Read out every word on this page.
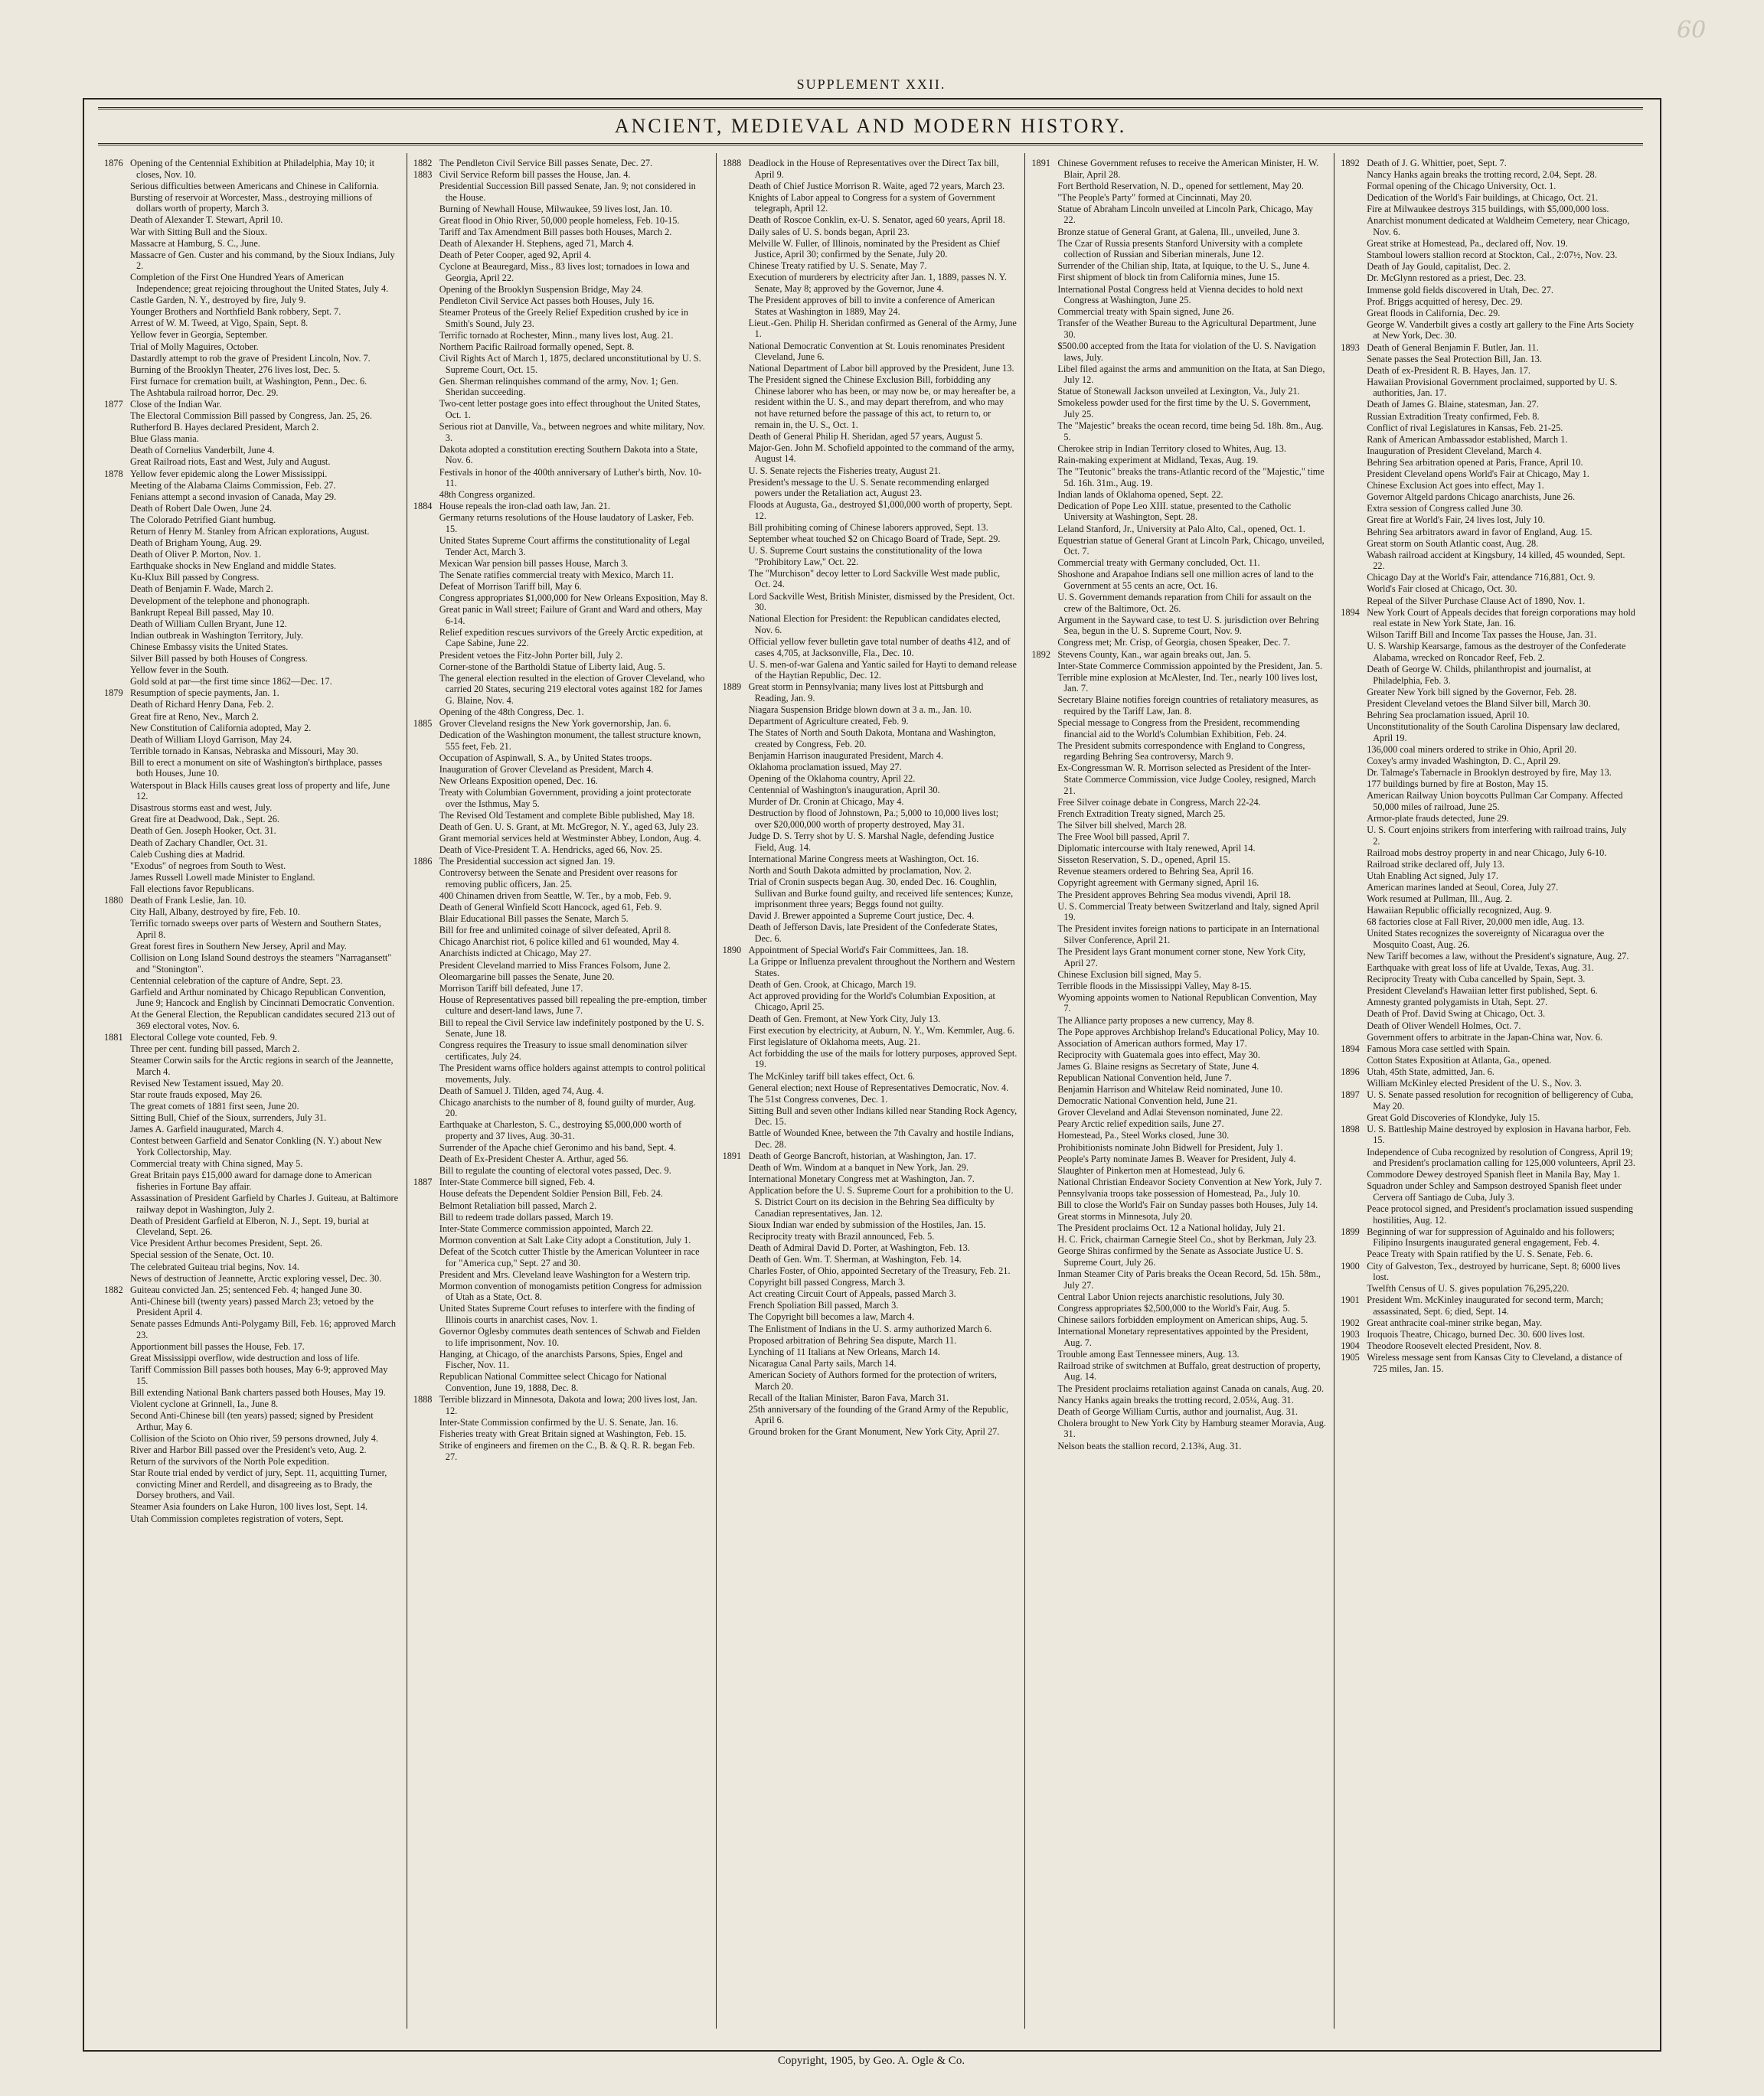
60
SUPPLEMENT XXII.
ANCIENT, MEDIEVAL AND MODERN HISTORY.
1876 Opening of the Centennial Exhibition at Philadelphia, May 10; it closes, Nov. 10.
Serious difficulties between Americans and Chinese in California.
Bursting of reservoir at Worcester, Mass., destroying millions of dollars worth of property, March 3.
Death of Alexander T. Stewart, April 10.
War with Sitting Bull and the Sioux.
Massacre at Hamburg, S. C., June.
Massacre of Gen. Custer and his command, by the Sioux Indians, July 2.
Completion of the First One Hundred Years of American Independence; great rejoicing throughout the United States, July 4.
Castle Garden, N. Y., destroyed by fire, July 9.
Younger Brothers and Northfield Bank robbery, Sept. 7.
Arrest of W. M. Tweed, at Vigo, Spain, Sept. 8.
Yellow fever in Georgia, September.
Trial of Molly Maguires, October.
Dastardly attempt to rob the grave of President Lincoln, Nov. 7.
Burning of the Brooklyn Theater, 276 lives lost, Dec. 5.
First furnace for cremation built, at Washington, Penn., Dec. 6.
The Ashtabula railroad horror, Dec. 29.
1877 Close of the Indian War.
The Electoral Commission Bill passed by Congress, Jan. 25, 26.
Rutherford B. Hayes declared President, March 2.
Blue Glass mania.
Death of Cornelius Vanderbilt, June 4.
Great Railroad riots, East and West, July and August.
1878 Yellow fever epidemic along the Lower Mississippi.
Meeting of the Alabama Claims Commission, Feb. 27.
Fenians attempt a second invasion of Canada, May 29.
Death of Robert Dale Owen, June 24.
The Colorado Petrified Giant humbug.
Return of Henry M. Stanley from African explorations, August.
Death of Brigham Young, Aug. 29.
Death of Oliver P. Morton, Nov. 1.
Earthquake shocks in New England and middle States.
Ku-Klux Bill passed by Congress.
Death of Benjamin F. Wade, March 2.
Development of the telephone and phonograph.
Bankrupt Repeal Bill passed, May 10.
Death of William Cullen Bryant, June 12.
Indian outbreak in Washington Territory, July.
Chinese Embassy visits the United States.
Silver Bill passed by both Houses of Congress.
Yellow fever in the South.
Gold sold at par—the first time since 1862—Dec. 17.
1879 Resumption of specie payments, Jan. 1.
Death of Richard Henry Dana, Feb. 2.
Great fire at Reno, Nev., March 2.
New Constitution of California adopted, May 2.
Death of William Lloyd Garrison, May 24.
Terrible tornado in Kansas, Nebraska and Missouri, May 30.
Bill to erect a monument on site of Washington's birthplace, passes both Houses, June 10.
Waterspout in Black Hills causes great loss of property and life, June 12.
Disastrous storms east and west, July.
Great fire at Deadwood, Dak., Sept. 26.
Death of Gen. Joseph Hooker, Oct. 31.
Death of Zachary Chandler, Oct. 31.
Caleb Cushing dies at Madrid.
"Exodus" of negroes from South to West.
James Russell Lowell made Minister to England.
Fall elections favor Republicans.
1880 Death of Frank Leslie, Jan. 10.
City Hall, Albany, destroyed by fire, Feb. 10.
Terrific tornado sweeps over parts of Western and Southern States, April 8.
Great forest fires in Southern New Jersey, April and May.
Collision on Long Island Sound destroys the steamers "Narragansett" and "Stonington".
Centennial celebration of the capture of Andre, Sept. 23.
Garfield and Arthur nominated by Chicago Republican Convention, June 9; Hancock and English by Cincinnati Democratic Convention.
At the General Election, the Republican candidates secured 213 out of 369 electoral votes, Nov. 6.
1881 Electoral College vote counted, Feb. 9.
Three per cent. funding bill passed, March 2.
Steamer Corwin sails for the Arctic regions in search of the Jeannette, March 4.
Revised New Testament issued, May 20.
Star route frauds exposed, May 26.
The great comets of 1881 first seen, June 20.
Sitting Bull, Chief of the Sioux, surrenders, July 31.
James A. Garfield inaugurated, March 4.
Contest between Garfield and Senator Conkling (N. Y.) about New York Collectorship, May.
Commercial treaty with China signed, May 5.
Great Britain pays £15,000 award for damage done to American fisheries in Fortune Bay affair.
Assassination of President Garfield by Charles J. Guiteau, at Baltimore railway depot in Washington, July 2.
Death of President Garfield at Elberon, N. J., Sept. 19, burial at Cleveland, Sept. 26.
Vice President Arthur becomes President, Sept. 26.
Special session of the Senate, Oct. 10.
The celebrated Guiteau trial begins, Nov. 14.
News of destruction of Jeannette, Arctic exploring vessel, Dec. 30.
1882 Guiteau convicted Jan. 25; sentenced Feb. 4; hanged June 30.
Anti-Chinese bill (twenty years) passed March 23; vetoed by the President April 4.
Senate passes Edmunds Anti-Polygamy Bill, Feb. 16; approved March 23.
Apportionment bill passes the House, Feb. 17.
Great Mississippi overflow, wide destruction and loss of life.
Tariff Commission Bill passes both houses, May 6-9; approved May 15.
Bill extending National Bank charters passed both Houses, May 19.
Violent cyclone at Grinnell, Ia., June 8.
Second Anti-Chinese bill (ten years) passed; signed by President Arthur, May 6.
Collision of the Scioto on Ohio river, 59 persons drowned, July 4.
River and Harbor Bill passed over the President's veto, Aug. 2.
Return of the survivors of the North Pole expedition.
Star Route trial ended by verdict of jury, Sept. 11, acquitting Turner, convicting Miner and Rerdell, and disagreeing as to Brady, the Dorsey brothers, and Vail.
Steamer Asia founders on Lake Huron, 100 lives lost, Sept. 14.
Utah Commission completes registration of voters, Sept.
1882 The Pendleton Civil Service Bill passes Senate, Dec. 27.
1883 Civil Service Reform bill passes the House, Jan. 4.
Presidential Succession Bill passed Senate, Jan. 9; not considered in the House.
Burning of Newhall House, Milwaukee, 59 lives lost, Jan. 10.
Great flood in Ohio River, 50,000 people homeless, Feb. 10-15.
Tariff and Tax Amendment Bill passes both Houses, March 2.
Death of Alexander H. Stephens, aged 71, March 4.
Death of Peter Cooper, aged 92, April 4.
Cyclone at Beauregard, Miss., 83 lives lost; tornadoes in Iowa and Georgia, April 22.
Opening of the Brooklyn Suspension Bridge, May 24.
Pendleton Civil Service Act passes both Houses, July 16.
Steamer Proteus of the Greely Relief Expedition crushed by ice in Smith's Sound, July 23.
Terrific tornado at Rochester, Minn., many lives lost, Aug. 21.
Northern Pacific Railroad formally opened, Sept. 8.
Civil Rights Act of March 1, 1875, declared unconstitutional by U. S. Supreme Court, Oct. 15.
Gen. Sherman relinquishes command of the army, Nov. 1; Gen. Sheridan succeeding.
Two-cent letter postage goes into effect throughout the United States, Oct. 1.
Serious riot at Danville, Va., between negroes and white military, Nov. 3.
Dakota adopted a constitution erecting Southern Dakota into a State, Nov. 6.
Festivals in honor of the 400th anniversary of Luther's birth, Nov. 10-11.
48th Congress organized.
1884 House repeals the iron-clad oath law, Jan. 21.
Germany returns resolutions of the House laudatory of Lasker, Feb. 15.
United States Supreme Court affirms the constitutionality of Legal Tender Act, March 3.
Mexican War pension bill passes House, March 3.
The Senate ratifies commercial treaty with Mexico, March 11.
Defeat of Morrison Tariff bill, May 6.
Congress appropriates $1,000,000 for New Orleans Exposition, May 8.
Great panic in Wall street; Failure of Grant and Ward and others, May 6-14.
Relief expedition rescues survivors of the Greely Arctic expedition, at Cape Sabine, June 22.
President vetoes the Fitz-John Porter bill, July 2.
Corner-stone of the Bartholdi Statue of Liberty laid, Aug. 5.
The general election resulted in the election of Grover Cleveland, who carried 20 States, securing 219 electoral votes against 182 for James G. Blaine, Nov. 4.
Opening of the 48th Congress, Dec. 1.
1885 Grover Cleveland resigns the New York governorship, Jan. 6.
Dedication of the Washington monument, the tallest structure known, 555 feet, Feb. 21.
Occupation of Aspinwall, S. A., by United States troops.
Inauguration of Grover Cleveland as President, March 4.
New Orleans Exposition opened, Dec. 16.
Treaty with Columbian Government, providing a joint protectorate over the Isthmus, May 5.
The Revised Old Testament and complete Bible published, May 18.
Death of Gen. U. S. Grant, at Mt. McGregor, N. Y., aged 63, July 23.
Grant memorial services held at Westminster Abbey, London, Aug. 4.
Death of Vice-President T. A. Hendricks, aged 66, Nov. 25.
1886 The Presidential succession act signed Jan. 19.
Controversy between the Senate and President over reasons for removing public officers, Jan. 25.
400 Chinamen driven from Seattle, W. Ter., by a mob, Feb. 9.
Death of General Winfield Scott Hancock, aged 61, Feb. 9.
Blair Educational Bill passes the Senate, March 5.
Bill for free and unlimited coinage of silver defeated, April 8.
Chicago Anarchist riot, 6 police killed and 61 wounded, May 4.
Anarchists indicted at Chicago, May 27.
President Cleveland married to Miss Frances Folsom, June 2.
Oleomargarine bill passes the Senate, June 20.
Morrison Tariff bill defeated, June 17.
House of Representatives passed bill repealing the pre-emption, timber culture and desert-land laws, June 7.
Bill to repeal the Civil Service law indefinitely postponed by the U. S. Senate, June 18.
Congress requires the Treasury to issue small denomination silver certificates, July 24.
The President warns office holders against attempts to control political movements, July.
Death of Samuel J. Tilden, aged 74, Aug. 4.
Chicago anarchists to the number of 8, found guilty of murder, Aug. 20.
Earthquake at Charleston, S. C., destroying $5,000,000 worth of property and 37 lives, Aug. 30-31.
Surrender of the Apache chief Geronimo and his band, Sept. 4.
Death of Ex-President Chester A. Arthur, aged 56.
Bill to regulate the counting of electoral votes passed, Dec. 9.
1887 Inter-State Commerce bill signed, Feb. 4.
House defeats the Dependent Soldier Pension Bill, Feb. 24.
Belmont Retaliation bill passed, March 2.
Bill to redeem trade dollars passed, March 19.
Inter-State Commerce commission appointed, March 22.
Mormon convention at Salt Lake City adopt a Constitution, July 1.
Defeat of the Scotch cutter Thistle by the American Volunteer in race for "America cup," Sept. 27 and 30.
President and Mrs. Cleveland leave Washington for a Western trip.
Mormon convention of monogamists petition Congress for admission of Utah as a State, Oct. 8.
United States Supreme Court refuses to interfere with the finding of Illinois courts in anarchist cases, Nov. 1.
Governor Oglesby commutes death sentences of Schwab and Fielden to life imprisonment, Nov. 10.
Hanging, at Chicago, of the anarchists Parsons, Spies, Engel and Fischer, Nov. 11.
Republican National Committee select Chicago for National Convention, June 19, 1888, Dec. 8.
1888 Terrible blizzard in Minnesota, Dakota and Iowa; 200 lives lost, Jan. 12.
Inter-State Commission confirmed by the U. S. Senate, Jan. 16.
Fisheries treaty with Great Britain signed at Washington, Feb. 15.
Strike of engineers and firemen on the C., B. & Q. R. R. began Feb. 27.
1888 Deadlock in the House of Representatives over the Direct Tax bill, April 9.
Death of Chief Justice Morrison R. Waite, aged 72 years, March 23.
Knights of Labor appeal to Congress for a system of Government telegraph, April 12.
Death of Roscoe Conklin, ex-U. S. Senator, aged 60 years, April 18.
Daily sales of U. S. bonds began, April 23.
Melville W. Fuller, of Illinois, nominated by the President as Chief Justice, April 30; confirmed by the Senate, July 20.
Chinese Treaty ratified by U. S. Senate, May 7.
Execution of murderers by electricity after Jan. 1, 1889, passes N. Y. Senate, May 8; approved by the Governor, June 4.
The President approves of bill to invite a conference of American States at Washington in 1889, May 24.
Lieut.-Gen. Philip H. Sheridan confirmed as General of the Army, June 1.
National Democratic Convention at St. Louis renominates President Cleveland, June 6.
National Department of Labor bill approved by the President, June 13.
The President signed the Chinese Exclusion Bill, forbidding any Chinese laborer who has been, or may now be, or may hereafter be, a resident within the U. S., and may depart therefrom, and who may not have returned before the passage of this act, to return to, or remain in, the U. S., Oct. 1.
Death of General Philip H. Sheridan, aged 57 years, August 5.
Major-Gen. John M. Schofield appointed to the command of the army, August 14.
U. S. Senate rejects the Fisheries treaty, August 21.
President's message to the U. S. Senate recommending enlarged powers under the Retaliation act, August 23.
Floods at Augusta, Ga., destroyed $1,000,000 worth of property, Sept. 12.
Bill prohibiting coming of Chinese laborers approved, Sept. 13.
September wheat touched $2 on Chicago Board of Trade, Sept. 29.
U. S. Supreme Court sustains the constitutionality of the Iowa "Prohibitory Law," Oct. 22.
The "Murchison" decoy letter to Lord Sackville West made public, Oct. 24.
Lord Sackville West, British Minister, dismissed by the President, Oct. 30.
National Election for President: the Republican candidates elected, Nov. 6.
Official yellow fever bulletin gave total number of deaths 412, and of cases 4,705, at Jacksonville, Fla., Dec. 10.
U. S. men-of-war Galena and Yantic sailed for Hayti to demand release of the Haytian Republic, Dec. 12.
1889 Great storm in Pennsylvania; many lives lost at Pittsburgh and Reading, Jan. 9.
Niagara Suspension Bridge blown down at 3 a. m., Jan. 10.
Department of Agriculture created, Feb. 9.
The States of North and South Dakota, Montana and Washington, created by Congress, Feb. 20.
Benjamin Harrison inaugurated President, March 4.
Oklahoma proclamation issued, May 27.
Opening of the Oklahoma country, April 22.
Centennial of Washington's inauguration, April 30.
Murder of Dr. Cronin at Chicago, May 4.
Destruction by flood of Johnstown, Pa.; 5,000 to 10,000 lives lost; over $20,000,000 worth of property destroyed, May 31.
Judge D. S. Terry shot by U. S. Marshal Nagle, defending Justice Field, Aug. 14.
International Marine Congress meets at Washington, Oct. 16.
North and South Dakota admitted by proclamation, Nov. 2.
Trial of Cronin suspects began Aug. 30, ended Dec. 16. Coughlin, Sullivan and Burke found guilty, and received life sentences; Kunze, imprisonment three years; Beggs found not guilty.
David J. Brewer appointed a Supreme Court justice, Dec. 4.
Death of Jefferson Davis, late President of the Confederate States, Dec. 6.
1890 Appointment of Special World's Fair Committees, Jan. 18.
La Grippe or Influenza prevalent throughout the Northern and Western States.
Death of Gen. Crook, at Chicago, March 19.
Act approved providing for the World's Columbian Exposition, at Chicago, April 25.
Death of Gen. Fremont, at New York City, July 13.
First execution by electricity, at Auburn, N. Y., Wm. Kemmler, Aug. 6.
First legislature of Oklahoma meets, Aug. 21.
Act forbidding the use of the mails for lottery purposes, approved Sept. 19.
The McKinley tariff bill takes effect, Oct. 6.
General election; next House of Representatives Democratic, Nov. 4.
The 51st Congress convenes, Dec. 1.
Sitting Bull and seven other Indians killed near Standing Rock Agency, Dec. 15.
Battle of Wounded Knee, between the 7th Cavalry and hostile Indians, Dec. 28.
1891 Death of George Bancroft, historian, at Washington, Jan. 17.
Death of Wm. Windom at a banquet in New York, Jan. 29.
International Monetary Congress met at Washington, Jan. 7.
Application before the U. S. Supreme Court for a prohibition to the U. S. District Court on its decision in the Behring Sea difficulty by Canadian representatives, Jan. 12.
Sioux Indian war ended by submission of the Hostiles, Jan. 15.
Reciprocity treaty with Brazil announced, Feb. 5.
Death of Admiral David D. Porter, at Washington, Feb. 13.
Death of Gen. Wm. T. Sherman, at Washington, Feb. 14.
Charles Foster, of Ohio, appointed Secretary of the Treasury, Feb. 21.
Copyright bill passed Congress, March 3.
Act creating Circuit Court of Appeals, passed March 3.
French Spoliation Bill passed, March 3.
The Copyright bill becomes a law, March 4.
The Enlistment of Indians in the U. S. army authorized March 6.
Proposed arbitration of Behring Sea dispute, March 11.
Lynching of 11 Italians at New Orleans, March 14.
Nicaragua Canal Party sails, March 14.
American Society of Authors formed for the protection of writers, March 20.
Recall of the Italian Minister, Baron Fava, March 31.
25th anniversary of the founding of the Grand Army of the Republic, April 6.
Ground broken for the Grant Monument, New York City, April 27.
1891 Chinese Government refuses to receive the American Minister, H. W. Blair, April 28.
Fort Berthold Reservation, N. D., opened for settlement, May 20.
"The People's Party" formed at Cincinnati, May 20.
Statue of Abraham Lincoln unveiled at Lincoln Park, Chicago, May 22.
Bronze statue of General Grant, at Galena, Ill., unveiled, June 3.
The Czar of Russia presents Stanford University with a complete collection of Russian and Siberian minerals, June 12.
Surrender of the Chilian ship, Itata, at Iquique, to the U. S., June 4.
First shipment of block tin from California mines, June 15.
International Postal Congress held at Vienna decides to hold next Congress at Washington, June 25.
Commercial treaty with Spain signed, June 26.
Transfer of the Weather Bureau to the Agricultural Department, June 30.
$500.00 accepted from the Itata for violation of the U. S. Navigation laws, July.
Libel filed against the arms and ammunition on the Itata, at San Diego, July 12.
Statue of Stonewall Jackson unveiled at Lexington, Va., July 21.
Smokeless powder used for the first time by the U. S. Government, July 25.
The "Majestic" breaks the ocean record, time being 5d. 18h. 8m., Aug. 5.
Cherokee strip in Indian Territory closed to Whites, Aug. 13.
Rain-making experiment at Midland, Texas, Aug. 19.
The "Teutonic" breaks the trans-Atlantic record of the "Majestic," time 5d. 16h. 31m., Aug. 19.
Indian lands of Oklahoma opened, Sept. 22.
Dedication of Pope Leo XIII. statue, presented to the Catholic University at Washington, Sept. 28.
Leland Stanford, Jr., University at Palo Alto, Cal., opened, Oct. 1.
Equestrian statue of General Grant at Lincoln Park, Chicago, unveiled, Oct. 7.
Commercial treaty with Germany concluded, Oct. 11.
Shoshone and Arapahoe Indians sell one million acres of land to the Government at 55 cents an acre, Oct. 16.
U. S. Government demands reparation from Chili for assault on the crew of the Baltimore, Oct. 26.
Argument in the Sayward case, to test U. S. jurisdiction over Behring Sea, begun in the U. S. Supreme Court, Nov. 9.
Congress met; Mr. Crisp, of Georgia, chosen Speaker, Dec. 7.
1892 Stevens County, Kan., war again breaks out, Jan. 5.
Inter-State Commerce Commission appointed by the President, Jan. 5.
Terrible mine explosion at McAlester, Ind. Ter., nearly 100 lives lost, Jan. 7.
Secretary Blaine notifies foreign countries of retaliatory measures, as required by the Tariff Law, Jan. 8.
Special message to Congress from the President, recommending financial aid to the World's Columbian Exhibition, Feb. 24.
The President submits correspondence with England to Congress, regarding Behring Sea controversy, March 9.
Ex-Congressman W. R. Morrison selected as President of the Inter-State Commerce Commission, vice Judge Cooley, resigned, March 21.
Free Silver coinage debate in Congress, March 22-24.
French Extradition Treaty signed, March 25.
The Silver bill shelved, March 28.
The Free Wool bill passed, April 7.
Diplomatic intercourse with Italy renewed, April 14.
Sisseton Reservation, S. D., opened, April 15.
Revenue steamers ordered to Behring Sea, April 16.
Copyright agreement with Germany signed, April 16.
The President approves Behring Sea modus vivendi, April 18.
U. S. Commercial Treaty between Switzerland and Italy, signed April 19.
The President invites foreign nations to participate in an International Silver Conference, April 21.
The President lays Grant monument corner stone, New York City, April 27.
Chinese Exclusion bill signed, May 5.
Terrible floods in the Mississippi Valley, May 8-15.
Wyoming appoints women to National Republican Convention, May 7.
The Alliance party proposes a new currency, May 8.
The Pope approves Archbishop Ireland's Educational Policy, May 10.
Association of American authors formed, May 17.
Reciprocity with Guatemala goes into effect, May 30.
James G. Blaine resigns as Secretary of State, June 4.
Republican National Convention held, June 7.
Benjamin Harrison and Whitelaw Reid nominated, June 10.
Democratic National Convention held, June 21.
Grover Cleveland and Adlai Stevenson nominated, June 22.
Peary Arctic relief expedition sails, June 27.
Homestead, Pa., Steel Works closed, June 30.
Prohibitionists nominate John Bidwell for President, July 1.
People's Party nominate James B. Weaver for President, July 4.
Slaughter of Pinkerton men at Homestead, July 6.
National Christian Endeavor Society Convention at New York, July 7.
Pennsylvania troops take possession of Homestead, Pa., July 10.
Bill to close the World's Fair on Sunday passes both Houses, July 14.
Great storms in Minnesota, July 20.
The President proclaims Oct. 12 a National holiday, July 21.
H. C. Frick, chairman Carnegie Steel Co., shot by Berkman, July 23.
George Shiras confirmed by the Senate as Associate Justice U. S. Supreme Court, July 26.
Inman Steamer City of Paris breaks the Ocean Record, 5d. 15h. 58m., July 27.
Central Labor Union rejects anarchistic resolutions, July 30.
Congress appropriates $2,500,000 to the World's Fair, Aug. 5.
Chinese sailors forbidden employment on American ships, Aug. 5.
International Monetary representatives appointed by the President, Aug. 7.
Trouble among East Tennessee miners, Aug. 13.
Railroad strike of switchmen at Buffalo, great destruction of property, Aug. 14.
The President proclaims retaliation against Canada on canals, Aug. 20.
Nancy Hanks again breaks the trotting record, 2.05¼, Aug. 31.
Death of George William Curtis, author and journalist, Aug. 31.
Cholera brought to New York City by Hamburg steamer Moravia, Aug. 31.
Nelson beats the stallion record, 2.13¾, Aug. 31.
1892 Death of J. G. Whittier, poet, Sept. 7.
Nancy Hanks again breaks the trotting record, 2.04, Sept. 28.
Formal opening of the Chicago University, Oct. 1.
Dedication of the World's Fair buildings, at Chicago, Oct. 21.
Fire at Milwaukee destroys 315 buildings, with $5,000,000 loss.
Anarchist monument dedicated at Waldheim Cemetery, near Chicago, Nov. 6.
Great strike at Homestead, Pa., declared off, Nov. 19.
Stamboul lowers stallion record at Stockton, Cal., 2:07½, Nov. 23.
Death of Jay Gould, capitalist, Dec. 2.
Dr. McGlynn restored as a priest, Dec. 23.
Immense gold fields discovered in Utah, Dec. 27.
Prof. Briggs acquitted of heresy, Dec. 29.
Great floods in California, Dec. 29.
George W. Vanderbilt gives a costly art gallery to the Fine Arts Society at New York, Dec. 30.
1893 Death of General Benjamin F. Butler, Jan. 11.
Senate passes the Seal Protection Bill, Jan. 13.
Death of ex-President R. B. Hayes, Jan. 17.
Hawaiian Provisional Government proclaimed, supported by U. S. authorities, Jan. 17.
Death of James G. Blaine, statesman, Jan. 27.
Russian Extradition Treaty confirmed, Feb. 8.
Conflict of rival Legislatures in Kansas, Feb. 21-25.
Rank of American Ambassador established, March 1.
Inauguration of President Cleveland, March 4.
Behring Sea arbitration opened at Paris, France, April 10.
President Cleveland opens World's Fair at Chicago, May 1.
Chinese Exclusion Act goes into effect, May 1.
Governor Altgeld pardons Chicago anarchists, June 26.
Extra session of Congress called June 30.
Great fire at World's Fair, 24 lives lost, July 10.
Behring Sea arbitrators award in favor of England, Aug. 15.
Great storm on South Atlantic coast, Aug. 28.
Wabash railroad accident at Kingsbury, 14 killed, 45 wounded, Sept. 22.
Chicago Day at the World's Fair, attendance 716,881, Oct. 9.
World's Fair closed at Chicago, Oct. 30.
Repeal of the Silver Purchase Clause Act of 1890, Nov. 1.
1894 New York Court of Appeals decides that foreign corporations may hold real estate in New York State, Jan. 16.
Wilson Tariff Bill and Income Tax passes the House, Jan. 31.
U. S. Warship Kearsarge, famous as the destroyer of the Confederate Alabama, wrecked on Roncador Reef, Feb. 2.
Death of George W. Childs, philanthropist and journalist, at Philadelphia, Feb. 3.
Greater New York bill signed by the Governor, Feb. 28.
President Cleveland vetoes the Bland Silver bill, March 30.
Behring Sea proclamation issued, April 10.
Unconstitutionality of the South Carolina Dispensary law declared, April 19.
136,000 coal miners ordered to strike in Ohio, April 20.
Coxey's army invaded Washington, D. C., April 29.
Dr. Talmage's Tabernacle in Brooklyn destroyed by fire, May 13.
177 buildings burned by fire at Boston, May 15.
American Railway Union boycotts Pullman Car Company. Affected 50,000 miles of railroad, June 25.
Armor-plate frauds detected, June 29.
U. S. Court enjoins strikers from interfering with railroad trains, July 2.
Railroad mobs destroy property in and near Chicago, July 6-10.
Railroad strike declared off, July 13.
Utah Enabling Act signed, July 17.
American marines landed at Seoul, Corea, July 27.
Work resumed at Pullman, Ill., Aug. 2.
Hawaiian Republic officially recognized, Aug. 9.
68 factories close at Fall River, 20,000 men idle, Aug. 13.
United States recognizes the sovereignty of Nicaragua over the Mosquito Coast, Aug. 26.
New Tariff becomes a law, without the President's signature, Aug. 27.
Earthquake with great loss of life at Uvalde, Texas, Aug. 31.
Reciprocity Treaty with Cuba cancelled by Spain, Sept. 3.
President Cleveland's Hawaiian letter first published, Sept. 6.
Amnesty granted polygamists in Utah, Sept. 27.
Death of Prof. David Swing at Chicago, Oct. 3.
Death of Oliver Wendell Holmes, Oct. 7.
Government offers to arbitrate in the Japan-China war, Nov. 6.
1894 Famous Mora case settled with Spain.
Cotton States Exposition at Atlanta, Ga., opened.
1896 Utah, 45th State, admitted, Jan. 6.
William McKinley elected President of the U. S., Nov. 3.
1897 U. S. Senate passed resolution for recognition of belligerency of Cuba, May 20.
Great Gold Discoveries of Klondyke, July 15.
1898 U. S. Battleship Maine destroyed by explosion in Havana harbor, Feb. 15.
Independence of Cuba recognized by resolution of Congress, April 19; and President's proclamation calling for 125,000 volunteers, April 23.
Commodore Dewey destroyed Spanish fleet in Manila Bay, May 1.
Squadron under Schley and Sampson destroyed Spanish fleet under Cervera off Santiago de Cuba, July 3.
Peace protocol signed, and President's proclamation issued suspending hostilities, Aug. 12.
1899 Beginning of war for suppression of Aguinaldo and his followers; Filipino Insurgents inaugurated general engagement, Feb. 4.
Peace Treaty with Spain ratified by the U. S. Senate, Feb. 6.
1900 City of Galveston, Tex., destroyed by hurricane, Sept. 8; 6000 lives lost.
Twelfth Census of U. S. gives population 76,295,220.
1901 President Wm. McKinley inaugurated for second term, March; assassinated, Sept. 6; died, Sept. 14.
1902 Great anthracite coal-miner strike began, May.
1903 Iroquois Theatre, Chicago, burned Dec. 30. 600 lives lost.
1904 Theodore Roosevelt elected President, Nov. 8.
1905 Wireless message sent from Kansas City to Cleveland, a distance of 725 miles, Jan. 15.
Copyright, 1905, by Geo. A. Ogle & Co.
